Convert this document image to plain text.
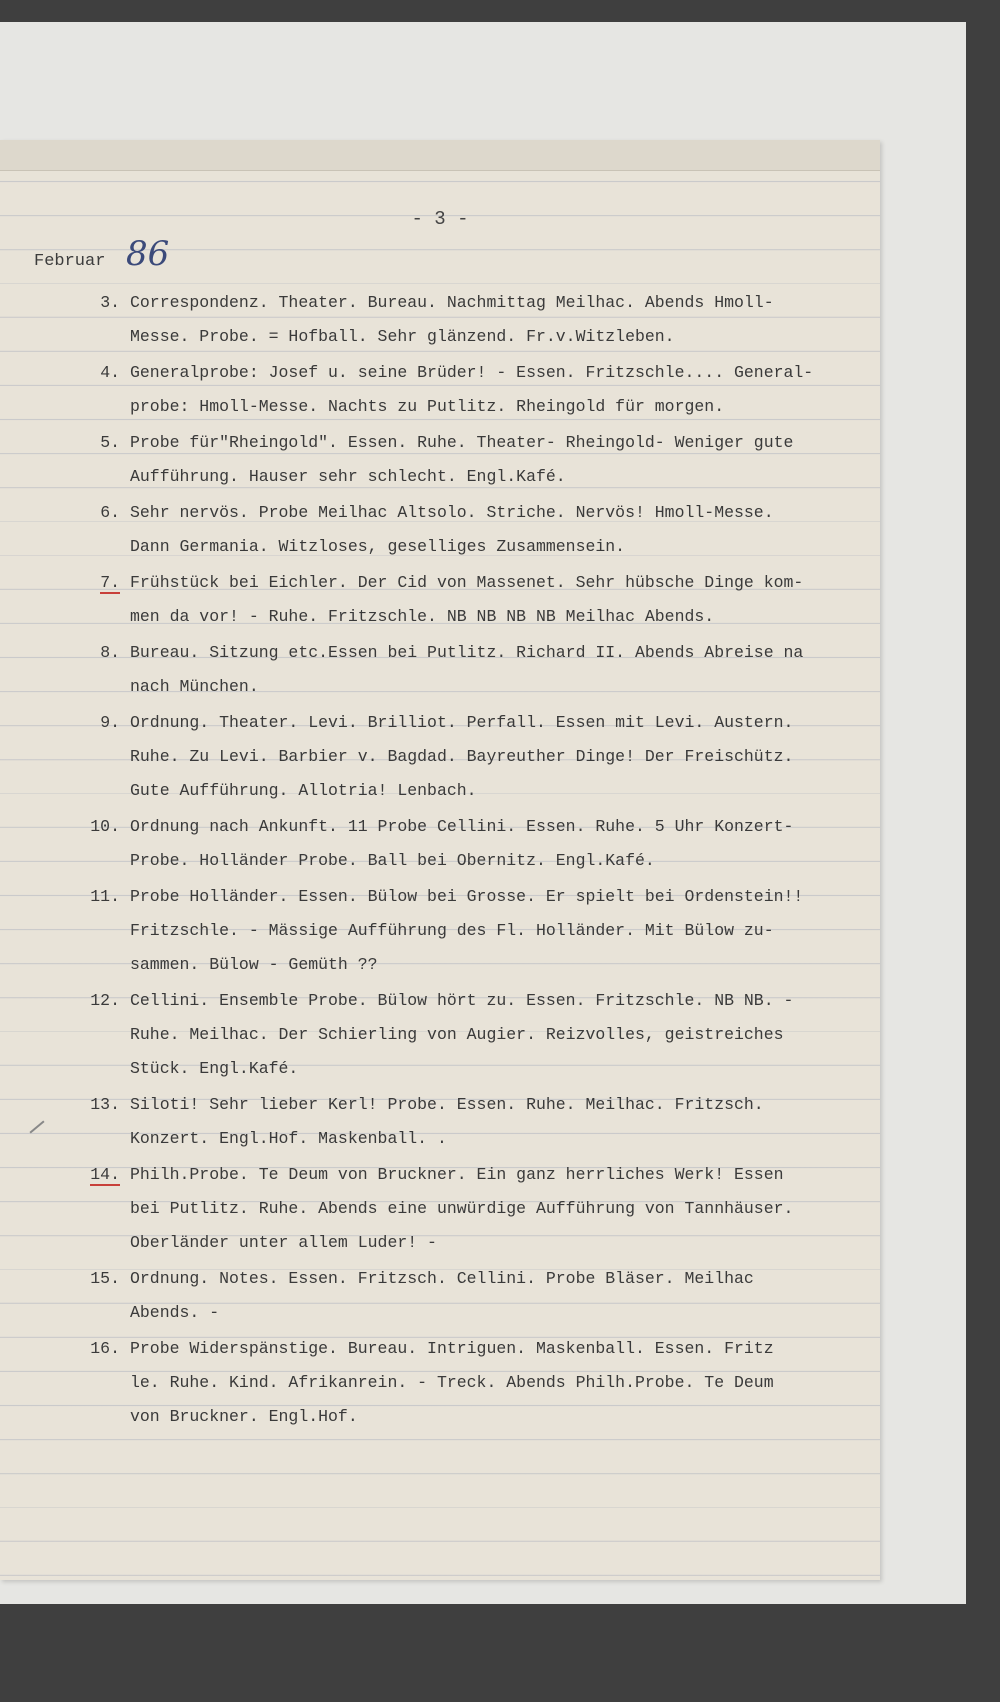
- 3 -
Februar 86
3. Correspondenz. Theater. Bureau. Nachmittag Meilhac. Abends Hmoll-
Messe. Probe. = Hofball. Sehr glänzend. Fr.v.Witzleben.
4. Generalprobe: Josef u. seine Brüder! - Essen. Fritzschle.... General-
probe: Hmoll-Messe. Nachts zu Putlitz. Rheingold für morgen.
5. Probe für"Rheingold". Essen. Ruhe. Theater- Rheingold- Weniger gute
Aufführung. Hauser sehr schlecht. Engl.Kafé.
6. Sehr nervös. Probe Meilhac Altsolo. Striche. Nervös! Hmoll-Messe.
Dann Germania. Witzloses, geselliges Zusammensein.
7. Frühstück bei Eichler. Der Cid von Massenet. Sehr hübsche Dinge kom-
men da vor! - Ruhe. Fritzschle. NB NB NB NB Meilhac Abends.
8. Bureau. Sitzung etc.Essen bei Putlitz. Richard II. Abends Abreise na
nach München.
9. Ordnung. Theater. Levi. Brilliot. Perfall. Essen mit Levi. Austern.
Ruhe. Zu Levi. Barbier v. Bagdad. Bayreuther Dinge! Der Freischütz.
Gute Aufführung. Allotria! Lenbach.
10. Ordnung nach Ankunft. 11 Probe Cellini. Essen. Ruhe. 5 Uhr Konzert-
Probe. Holländer Probe. Ball bei Obernitz. Engl.Kafé.
11. Probe Holländer. Essen. Bülow bei Grosse. Er spielt bei Ordenstein!!
Fritzschle. - Mässige Aufführung des Fl. Holländer. Mit Bülow zu-
sammen. Bülow - Gemüth ??
12. Cellini. Ensemble Probe. Bülow hört zu. Essen. Fritzschle. NB NB. -
Ruhe. Meilhac. Der Schierling von Augier. Reizvolles, geistreiches
Stück. Engl.Kafé.
13. Siloti! Sehr lieber Kerl! Probe. Essen. Ruhe. Meilhac. Fritzsch.
Konzert. Engl.Hof. Maskenball. .
14. Philh.Probe. Te Deum von Bruckner. Ein ganz herrliches Werk! Essen
bei Putlitz. Ruhe. Abends eine unwürdige Aufführung von Tannhäuser.
Oberländer unter allem Luder! -
15. Ordnung. Notes. Essen. Fritzsch. Cellini. Probe Bläser. Meilhac
Abends. -
16. Probe Widerspänstige. Bureau. Intriguen. Maskenball. Essen. Fritz
le. Ruhe. Kind. Afrikanrein. - Treck. Abends Philh.Probe. Te Deum
von Bruckner. Engl.Hof.
